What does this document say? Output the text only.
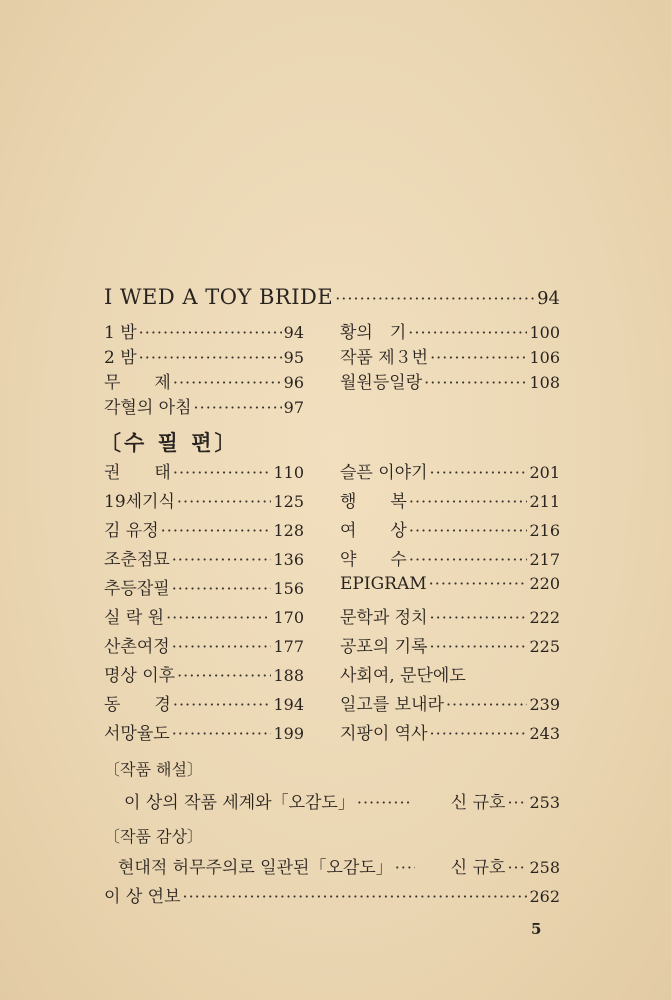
I WED A TOY BRIDE ·····	94
1 밤 ·····	94
2 밤 ·····	95
무　　제 ·····	96
각혈의 아침 ·····	97
황의　기 ·····	100
작품 제３번 ·····	106
월원등일랑 ·····	108
〔수 필 편〕
권　　태 ·····	110
19세기식 ·····	125
김 유정 ·····	128
조춘점묘 ·····	136
추등잡필 ·····	156
실 락 원 ·····	170
산촌여정 ·····	177
명상 이후 ·····	188
동　　경 ·····	194
서망율도 ·····	199
슬픈 이야기 ·····	201
행　　복 ·····	211
여　　상 ·····	216
약　　수 ·····	217
EPIGRAM ·····	220
문학과 정치 ·····	222
공포의 기록 ·····	225
사회여, 문단에도
일고를 보내라 ·····	239
지팡이 역사 ·····	243
〔작품 해설〕
이 상의 작품 세계와「오감도」 ·····	신 규호 ····· 253
〔작품 감상〕
현대적 허무주의로 일관된「오감도」 ·····	신 규호 ····· 258
이 상 연보 ·····	262
5
